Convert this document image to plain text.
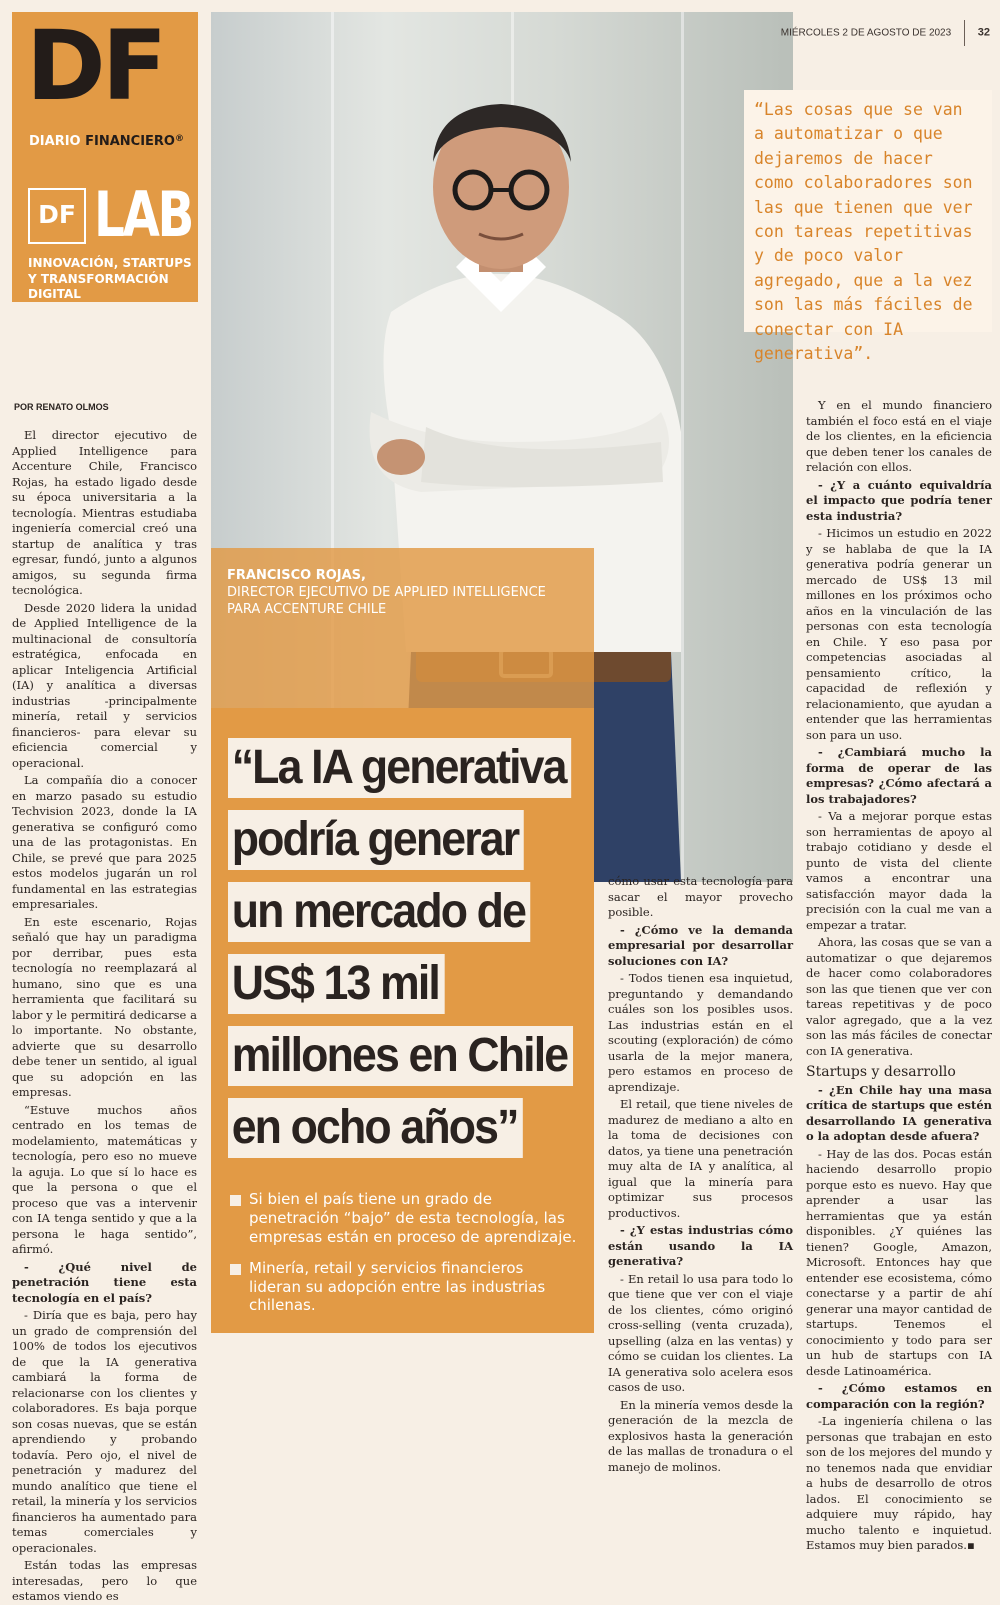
DF
DIARIO FINANCIERO®
DF LAB
INNOVACIÓN, STARTUPS Y TRANSFORMACIÓN DIGITAL
MIÉRCOLES 2 DE AGOSTO DE 2023 32

“Las cosas que se van a automatizar o que dejaremos de hacer como colaboradores son las que tienen que ver con tareas repetitivas y de poco valor agregado, que a la vez son las más fáciles de conectar con IA generativa”.

FRANCISCO ROJAS,
DIRECTOR EJECUTIVO DE APPLIED INTELLIGENCE PARA ACCENTURE CHILE
“La IA generativa
podría generar
un mercado de
US$ 13 mil
millones en Chile
en ocho años”

Si bien el país tiene un grado de penetración “bajo” de esta tecnología, las empresas están en proceso de aprendizaje.

Minería, retail y servicios financieros lideran su adopción entre las industrias chilenas.

POR RENATO OLMOS

El director ejecutivo de Applied Intelligence para Accenture Chile, Francisco Rojas, ha estado ligado desde su época universitaria a la tecnología. Mientras estudiaba ingeniería comercial creó una startup de analítica y tras egresar, fundó, junto a algunos amigos, su segunda firma tecnológica.

Desde 2020 lidera la unidad de Applied Intelligence de la multinacional de consultoría estratégica, enfocada en aplicar Inteligencia Artificial (IA) y analítica a diversas industrias -principalmente minería, retail y servicios financieros- para elevar su eficiencia comercial y operacional.

La compañía dio a conocer en marzo pasado su estudio Techvision 2023, donde la IA generativa se configuró como una de las protagonistas. En Chile, se prevé que para 2025 estos modelos jugarán un rol fundamental en las estrategias empresariales.

En este escenario, Rojas señaló que hay un paradigma por derribar, pues esta tecnología no reemplazará al humano, sino que es una herramienta que facilitará su labor y le permitirá dedicarse a lo importante. No obstante, advierte que su desarrollo debe tener un sentido, al igual que su adopción en las empresas.

“Estuve muchos años centrado en los temas de modelamiento, matemáticas y tecnología, pero eso no mueve la aguja. Lo que sí lo hace es que la persona o que el proceso que vas a intervenir con IA tenga sentido y que a la persona le haga sentido”, afirmó.

- ¿Qué nivel de penetración tiene esta tecnología en el país?

- Diría que es baja, pero hay un grado de comprensión del 100% de todos los ejecutivos de que la IA generativa cambiará la forma de relacionarse con los clientes y colaboradores. Es baja porque son cosas nuevas, que se están aprendiendo y probando todavía. Pero ojo, el nivel de penetración y madurez del mundo analítico que tiene el retail, la minería y los servicios financieros ha aumentado para temas comerciales y operacionales.

Están todas las empresas interesadas, pero lo que estamos viendo es

cómo usar esta tecnología para sacar el mayor provecho posible.

- ¿Cómo ve la demanda empresarial por desarrollar soluciones con IA?

- Todos tienen esa inquietud, preguntando y demandando cuáles son los posibles usos. Las industrias están en el scouting (exploración) de cómo usarla de la mejor manera, pero estamos en proceso de aprendizaje.

El retail, que tiene niveles de madurez de mediano a alto en la toma de decisiones con datos, ya tiene una penetración muy alta de IA y analítica, al igual que la minería para optimizar sus procesos productivos.

- ¿Y estas industrias cómo están usando la IA generativa?

- En retail lo usa para todo lo que tiene que ver con el viaje de los clientes, cómo originó cross-selling (venta cruzada), upselling (alza en las ventas) y cómo se cuidan los clientes. La IA generativa solo acelera esos casos de uso.

En la minería vemos desde la generación de la mezcla de explosivos hasta la generación de las mallas de tronadura o el manejo de molinos.

Y en el mundo financiero también el foco está en el viaje de los clientes, en la eficiencia que deben tener los canales de relación con ellos.

- ¿Y a cuánto equivaldría el impacto que podría tener esta industria?

- Hicimos un estudio en 2022 y se hablaba de que la IA generativa podría generar un mercado de US$ 13 mil millones en los próximos ocho años en la vinculación de las personas con esta tecnología en Chile. Y eso pasa por competencias asociadas al pensamiento crítico, la capacidad de reflexión y relacionamiento, que ayudan a entender que las herramientas son para un uso.

- ¿Cambiará mucho la forma de operar de las empresas? ¿Cómo afectará a los trabajadores?

- Va a mejorar porque estas son herramientas de apoyo al trabajo cotidiano y desde el punto de vista del cliente vamos a encontrar una satisfacción mayor dada la precisión con la cual me van a empezar a tratar.

Ahora, las cosas que se van a automatizar o que dejaremos de hacer como colaboradores son las que tienen que ver con tareas repetitivas y de poco valor agregado, que a la vez son las más fáciles de conectar con IA generativa.

Startups y desarrollo

- ¿En Chile hay una masa crítica de startups que estén desarrollando IA generativa o la adoptan desde afuera?

- Hay de las dos. Pocas están haciendo desarrollo propio porque esto es nuevo. Hay que aprender a usar las herramientas que ya están disponibles. ¿Y quiénes las tienen? Google, Amazon, Microsoft. Entonces hay que entender ese ecosistema, cómo conectarse y a partir de ahí generar una mayor cantidad de startups. Tenemos el conocimiento y todo para ser un hub de startups con IA desde Latinoamérica.

- ¿Cómo estamos en comparación con la región?

-La ingeniería chilena o las personas que trabajan en esto son de los mejores del mundo y no tenemos nada que envidiar a hubs de desarrollo de otros lados. El conocimiento se adquiere muy rápido, hay mucho talento e inquietud. Estamos muy bien parados.▪
